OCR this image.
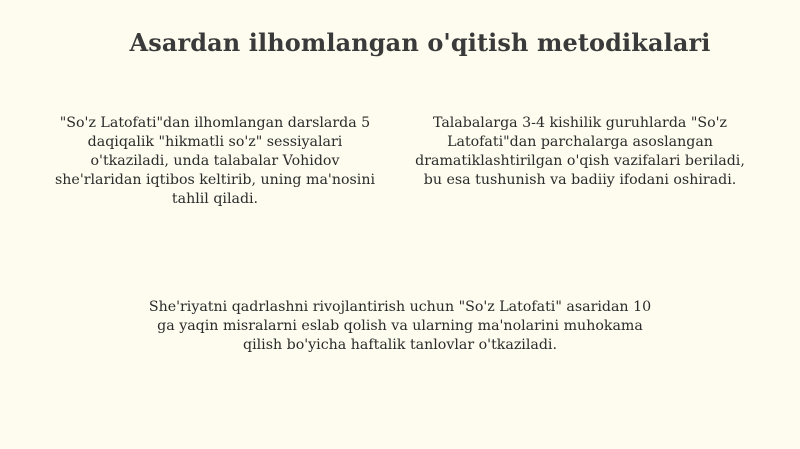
Asardan ilhomlangan o'qitish metodikalari
"So'z Latofati"dan ilhomlangan darslarda 5 daqiqalik "hikmatli so'z" sessiyalari o'tkaziladi, unda talabalar Vohidov she'rlaridan iqtibos keltirib, uning ma'nosini tahlil qiladi.
Talabalarga 3-4 kishilik guruhlarda "So'z Latofati"dan parchalarga asoslangan dramatiklashtirilgan o'qish vazifalari beriladi, bu esa tushunish va badiiy ifodani oshiradi.
She'riyatni qadrlashni rivojlantirish uchun "So'z Latofati" asaridan 10 ga yaqin misralarni eslab qolish va ularning ma'nolarini muhokama qilish bo'yicha haftalik tanlovlar o'tkaziladi.
